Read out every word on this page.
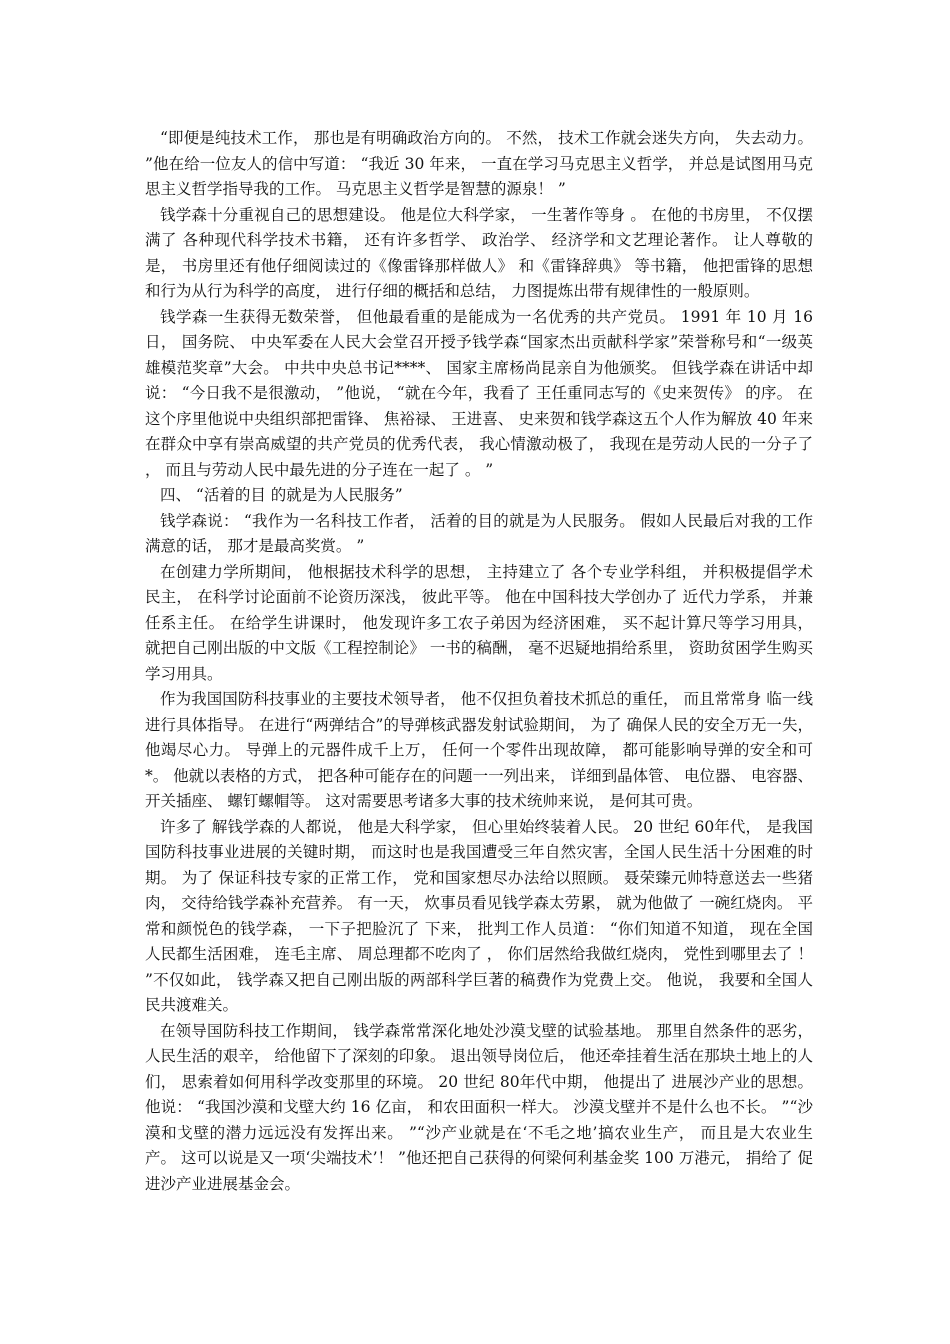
“即便是纯技术工作， 那也是有明确政治方向的。 不然， 技术工作就会迷失方向， 失去动力。 ”他在给一位友人的信中写道： “我近 30 年来， 一直在学习马克思主义哲学， 并总是试图用马克思主义哲学指导我的工作。 马克思主义哲学是智慧的源泉！ ”

钱学森十分重视自己的思想建设。 他是位大科学家， 一生著作等身 。 在他的书房里， 不仅摆满了 各种现代科学技术书籍， 还有许多哲学、 政治学、 经济学和文艺理论著作。 让人尊敬的是， 书房里还有他仔细阅读过的《像雷锋那样做人》 和《雷锋辞典》 等书籍， 他把雷锋的思想和行为从行为科学的高度， 进行仔细的概括和总结， 力图提炼出带有规律性的一般原则。

钱学森一生获得无数荣誉， 但他最看重的是能成为一名优秀的共产党员。 1991 年 10 月 16 日， 国务院、 中央军委在人民大会堂召开授予钱学森“国家杰出贡献科学家”荣誉称号和“一级英雄模范奖章”大会。 中共中央总书记****、 国家主席杨尚昆亲自为他颁奖。 但钱学森在讲话中却说： “今日我不是很激动， ”他说， “就在今年，我看了 王任重同志写的《史来贺传》 的序。 在这个序里他说中央组织部把雷锋、 焦裕禄、 王进喜、 史来贺和钱学森这五个人作为解放 40 年来在群众中享有崇高威望的共产党员的优秀代表， 我心情激动极了， 我现在是劳动人民的一分子了 ， 而且与劳动人民中最先进的分子连在一起了 。 ”

四、 “活着的目 的就是为人民服务”

钱学森说： “我作为一名科技工作者， 活着的目的就是为人民服务。 假如人民最后对我的工作满意的话， 那才是最高奖赏。 ”

在创建力学所期间， 他根据技术科学的思想， 主持建立了 各个专业学科组， 并积极提倡学术民主， 在科学讨论面前不论资历深浅， 彼此平等。 他在中国科技大学创办了 近代力学系， 并兼任系主任。 在给学生讲课时， 他发现许多工农子弟因为经济困难， 买不起计算尺等学习用具， 就把自己刚出版的中文版《工程控制论》 一书的稿酬， 毫不迟疑地捐给系里， 资助贫困学生购买学习用具。

作为我国国防科技事业的主要技术领导者， 他不仅担负着技术抓总的重任， 而且常常身 临一线进行具体指导。 在进行“两弹结合”的导弹核武器发射试验期间， 为了 确保人民的安全万无一失， 他竭尽心力。 导弹上的元器件成千上万， 任何一个零件出现故障， 都可能影响导弹的安全和可*。 他就以表格的方式， 把各种可能存在的问题一一列出来， 详细到晶体管、 电位器、 电容器、 开关插座、 螺钉螺帽等。 这对需要思考诸多大事的技术统帅来说， 是何其可贵。

许多了 解钱学森的人都说， 他是大科学家， 但心里始终装着人民。 20 世纪 60年代， 是我国国防科技事业进展的关键时期， 而这时也是我国遭受三年自然灾害，全国人民生活十分困难的时期。 为了 保证科技专家的正常工作， 党和国家想尽办法给以照顾。 聂荣臻元帅特意送去一些猪肉， 交待给钱学森补充营养。 有一天， 炊事员看见钱学森太劳累， 就为他做了 一碗红烧肉。 平常和颜悦色的钱学森， 一下子把脸沉了 下来， 批判工作人员道： “你们知道不知道， 现在全国人民都生活困难， 连毛主席、 周总理都不吃肉了 ， 你们居然给我做红烧肉， 党性到哪里去了 ！ ”不仅如此， 钱学森又把自己刚出版的两部科学巨著的稿费作为党费上交。 他说， 我要和全国人民共渡难关。

在领导国防科技工作期间， 钱学森常常深化地处沙漠戈壁的试验基地。 那里自然条件的恶劣， 人民生活的艰辛， 给他留下了深刻的印象。 退出领导岗位后， 他还牵挂着生活在那块土地上的人们， 思索着如何用科学改变那里的环境。 20 世纪 80年代中期， 他提出了 进展沙产业的思想。 他说： “我国沙漠和戈壁大约 16 亿亩， 和农田面积一样大。 沙漠戈壁并不是什么也不长。 ”“沙漠和戈壁的潜力远远没有发挥出来。 ”“沙产业就是在‘不毛之地’搞农业生产， 而且是大农业生产。 这可以说是又一项‘尖端技术’！ ”他还把自己获得的何梁何利基金奖 100 万港元， 捐给了 促进沙产业进展基金会。
